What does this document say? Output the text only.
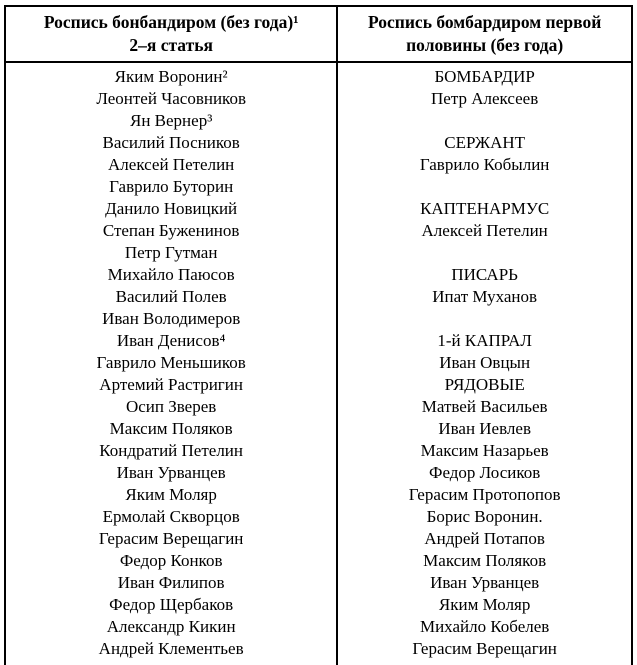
Роспись бонбандиром (без года)¹
2–я статья	Роспись бомбардиром первой половины (без года)
Яким Воронин²	БОМБАРДИР
Леонтей Часовников	Петр Алексеев
Ян Вернер³	
Василий Посников	СЕРЖАНТ
Алексей Петелин	Гаврило Кобылин
Гаврило Буторин	
Данило Новицкий	КАПТЕНАРМУС
Степан Буженинов	Алексей Петелин
Петр Гутман	
Михайло Паюсов	ПИСАРЬ
Василий Полев	Ипат Муханов
Иван Володимеров	
Иван Денисов⁴	1-й КАПРАЛ
Гаврило Меньшиков	Иван Овцын
Артемий Растригин	РЯДОВЫЕ
Осип Зверев	Матвей Васильев
Максим Поляков	Иван Иевлев
Кондратий Петелин	Максим Назарьев
Иван Урванцев	Федор Лосиков
Яким Моляр	Герасим Протопопов
Ермолай Скворцов	Борис Воронин.
Герасим Верещагин	Андрей Потапов
Федор Конков	Максим Поляков
Иван Филипов	Иван Урванцев
Федор Щербаков	Яким Моляр
Александр Кикин	Михайло Кобелев
Андрей Клементьев	Герасим Верещагин
